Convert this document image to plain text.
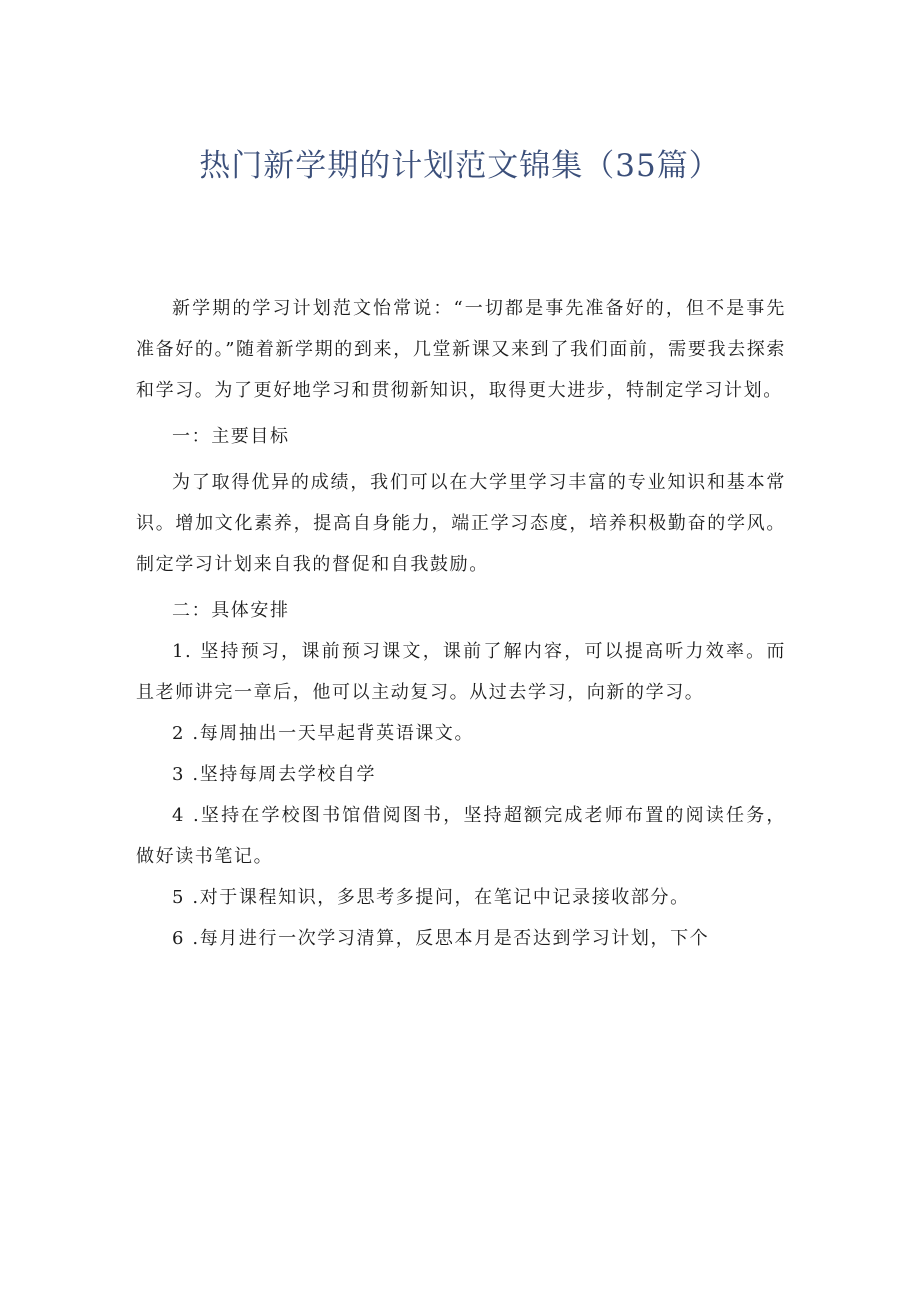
热门新学期的计划范文锦集（35篇）

新学期的学习计划范文怡常说：“一切都是事先准备好的，但不是事先准备好的。”随着新学期的到来，几堂新课又来到了我们面前，需要我去探索和学习。为了更好地学习和贯彻新知识，取得更大进步，特制定学习计划。

一：主要目标

为了取得优异的成绩，我们可以在大学里学习丰富的专业知识和基本常识。增加文化素养，提高自身能力，端正学习态度，培养积极勤奋的学风。制定学习计划来自我的督促和自我鼓励。

二：具体安排

1. 坚持预习，课前预习课文，课前了解内容，可以提高听力效率。而且老师讲完一章后，他可以主动复习。从过去学习，向新的学习。

2 .每周抽出一天早起背英语课文。

3 .坚持每周去学校自学

4 .坚持在学校图书馆借阅图书，坚持超额完成老师布置的阅读任务，做好读书笔记。

5 .对于课程知识，多思考多提问，在笔记中记录接收部分。

6 .每月进行一次学习清算，反思本月是否达到学习计划，下个
